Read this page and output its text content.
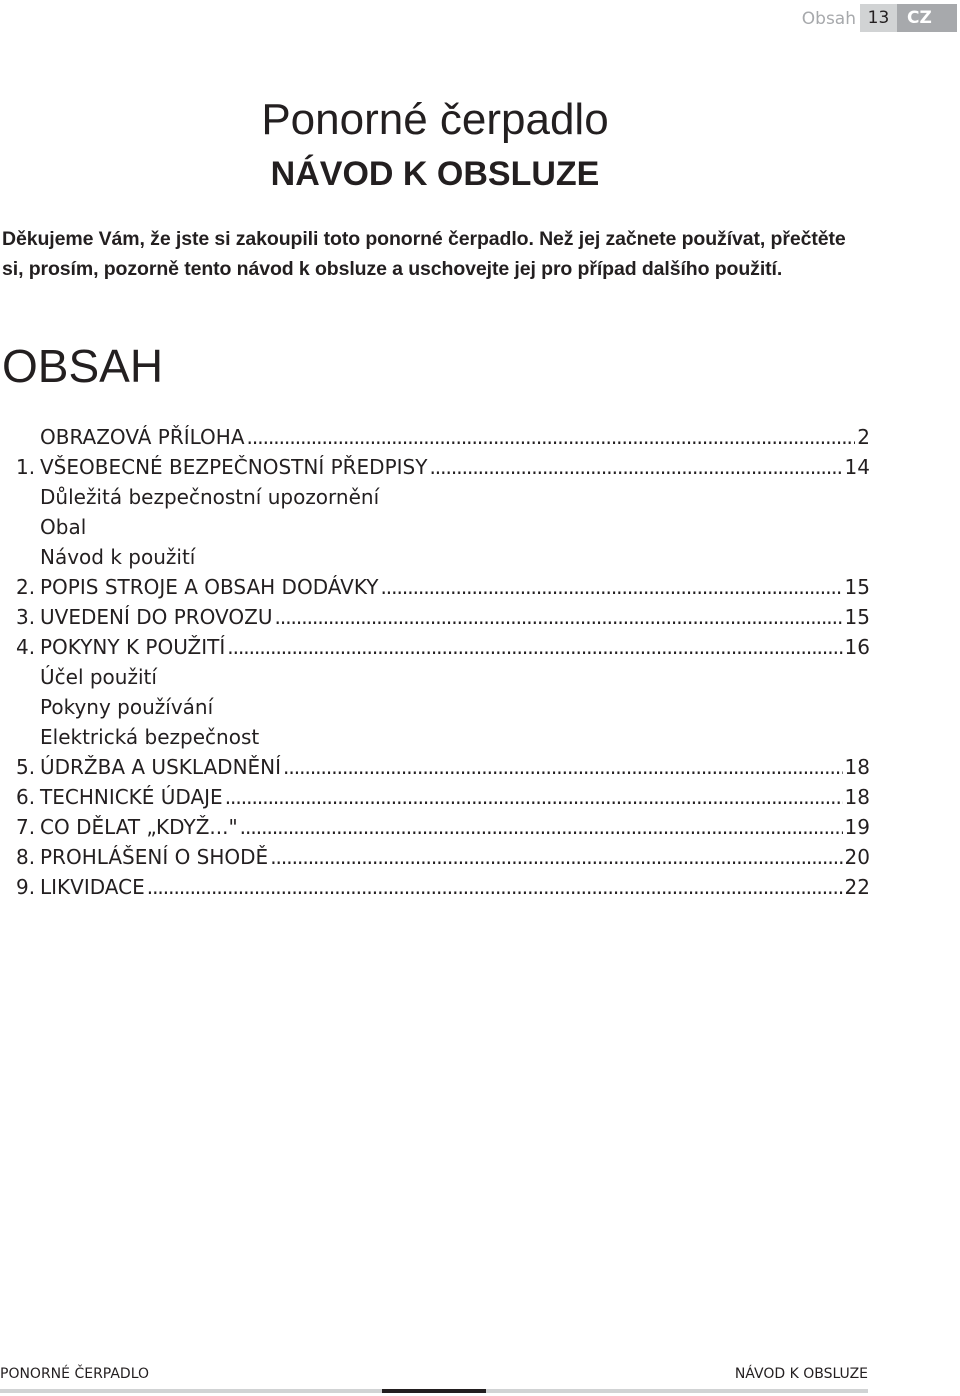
Obsah 13	CZ
Ponorné čerpadlo
NÁVOD K OBSLUZE

Děkujeme Vám, že jste si zakoupili toto ponorné čerpadlo. Než jej začnete používat, přečtěte si, prosím, pozorně tento návod k obsluze a uschovejte jej pro případ dalšího použití.

OBSAH
OBRAZOVÁ PŘÍLOHA .....	2
1. VŠEOBECNÉ BEZPEČNOSTNÍ PŘEDPISY .....	14
Důležitá bezpečnostní upozornění
Obal
Návod k použití
2. POPIS STROJE A OBSAH DODÁVKY .....	15
3. UVEDENÍ DO PROVOZU .....	15
4. POKYNY K POUŽITÍ .....	16
Účel použití
Pokyny používání
Elektrická bezpečnost
5. ÚDRŽBA A USKLADNĚNÍ .....	18
6. TECHNICKÉ ÚDAJE .....	18
7. CO DĚLAT „KDYŽ..." .....	19
8. PROHLÁŠENÍ O SHODĚ .....	20
9. LIKVIDACE .....	22
PONORNÉ ČERPADLO	NÁVOD K OBSLUZE
